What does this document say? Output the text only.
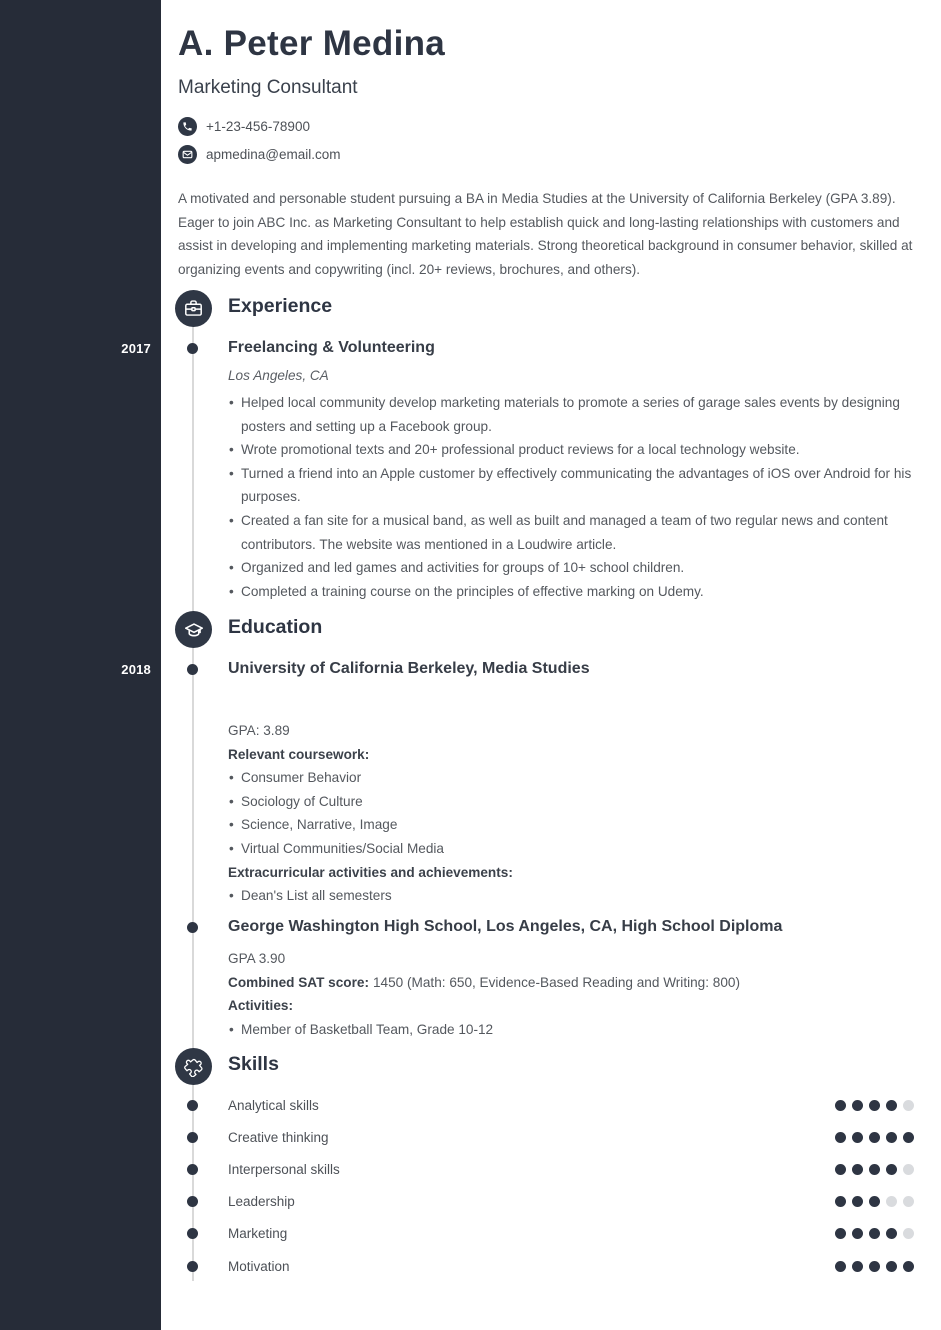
2017
2018
A. Peter Medina
Marketing Consultant
+1-23-456-78900
apmedina@email.com
A motivated and personable student pursuing a BA in Media Studies at the University of California Berkeley (GPA 3.89). Eager to join ABC Inc. as Marketing Consultant to help establish quick and long-lasting relationships with customers and assist in developing and implementing marketing materials. Strong theoretical background in consumer behavior, skilled at organizing events and copywriting (incl. 20+ reviews, brochures, and others).
Experience
Freelancing & Volunteering
Los Angeles, CA
• Helped local community develop marketing materials to promote a series of garage sales events by designing posters and setting up a Facebook group.
• Wrote promotional texts and 20+ professional product reviews for a local technology website.
• Turned a friend into an Apple customer by effectively communicating the advantages of iOS over Android for his purposes.
• Created a fan site for a musical band, as well as built and managed a team of two regular news and content contributors. The website was mentioned in a Loudwire article.
• Organized and led games and activities for groups of 10+ school children.
• Completed a training course on the principles of effective marking on Udemy.
Education
University of California Berkeley, Media Studies
GPA: 3.89
Relevant coursework:
• Consumer Behavior
• Sociology of Culture
• Science, Narrative, Image
• Virtual Communities/Social Media
Extracurricular activities and achievements:
• Dean's List all semesters
George Washington High School, Los Angeles, CA, High School Diploma
GPA 3.90
Combined SAT score: 1450 (Math: 650, Evidence-Based Reading and Writing: 800)
Activities:
• Member of Basketball Team, Grade 10-12
Skills
Analytical skills
Creative thinking
Interpersonal skills
Leadership
Marketing
Motivation
